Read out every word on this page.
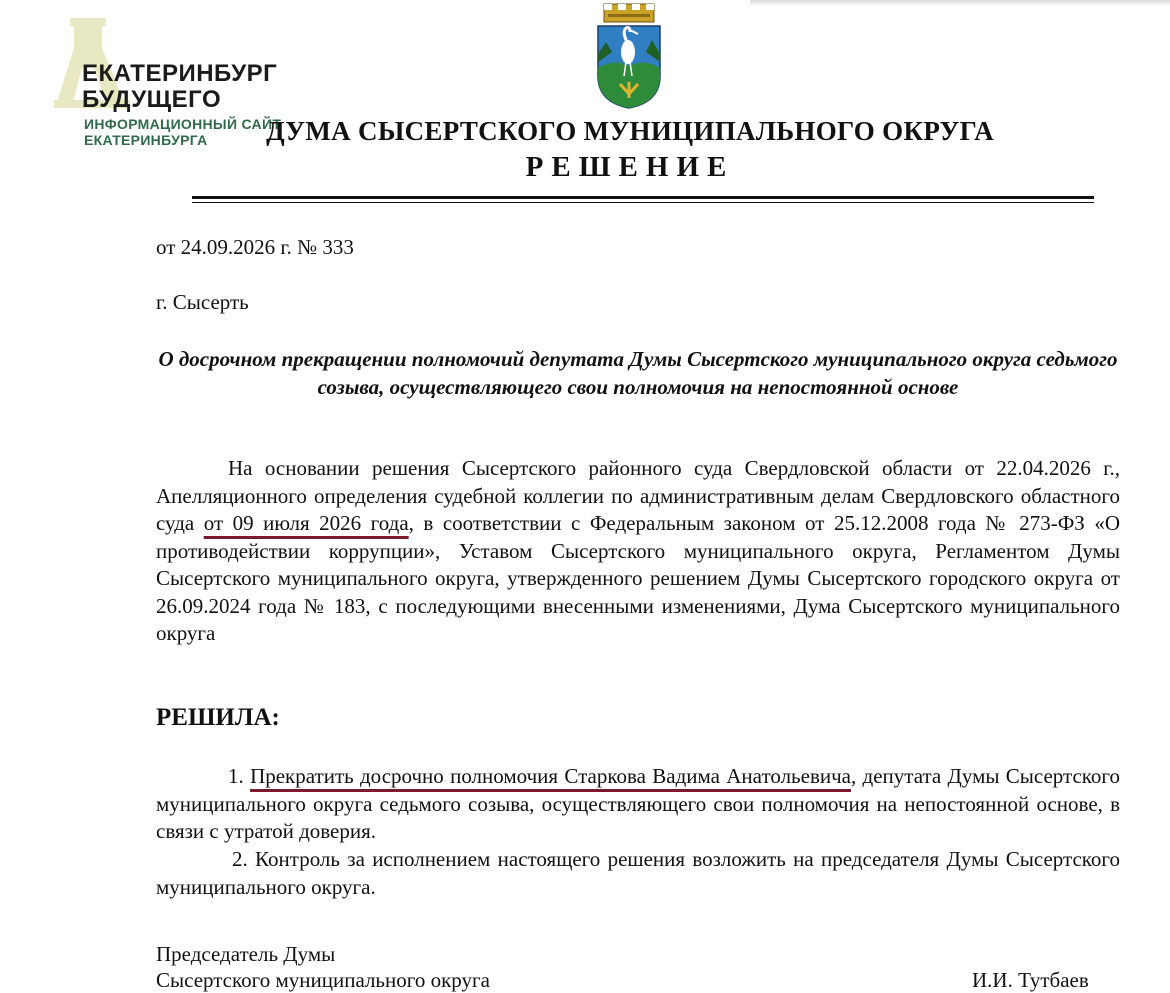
ЕКАТЕРИНБУРГ
БУДУЩЕГО
ИНФОРМАЦИОННЫЙ САЙТ
ЕКАТЕРИНБУРГА	ДУМА СЫСЕРТСКОГО МУНИЦИПАЛЬНОГО ОКРУГА
РЕШЕНИЕ
от 24.09.2026 г. № 333
г. Сысерть
О досрочном прекращении полномочий депутата Думы Сысертского муниципального округа седьмого созыва, осуществляющего свои полномочия на непостоянной основе
На основании решения Сысертского районного суда Свердловской области от 22.04.2026 г., Апелляционного определения судебной коллегии по административным делам Свердловского областного суда от 09 июля 2026 года, в соответствии с Федеральным законом от 25.12.2008 года № 273-ФЗ «О противодействии коррупции», Уставом Сысертского муниципального округа, Регламентом Думы Сысертского муниципального округа, утвержденного решением Думы Сысертского городского округа от 26.09.2024 года № 183, с последующими внесенными изменениями, Дума Сысертского муниципального округа
РЕШИЛА:
1. Прекратить досрочно полномочия Старкова Вадима Анатольевича, депутата Думы Сысертского муниципального округа седьмого созыва, осуществляющего свои полномочия на непостоянной основе, в связи с утратой доверия.
2. Контроль за исполнением настоящего решения возложить на председателя Думы Сысертского муниципального округа.
Председатель Думы
Сысертского муниципального округа	И.И. Тутбаев
